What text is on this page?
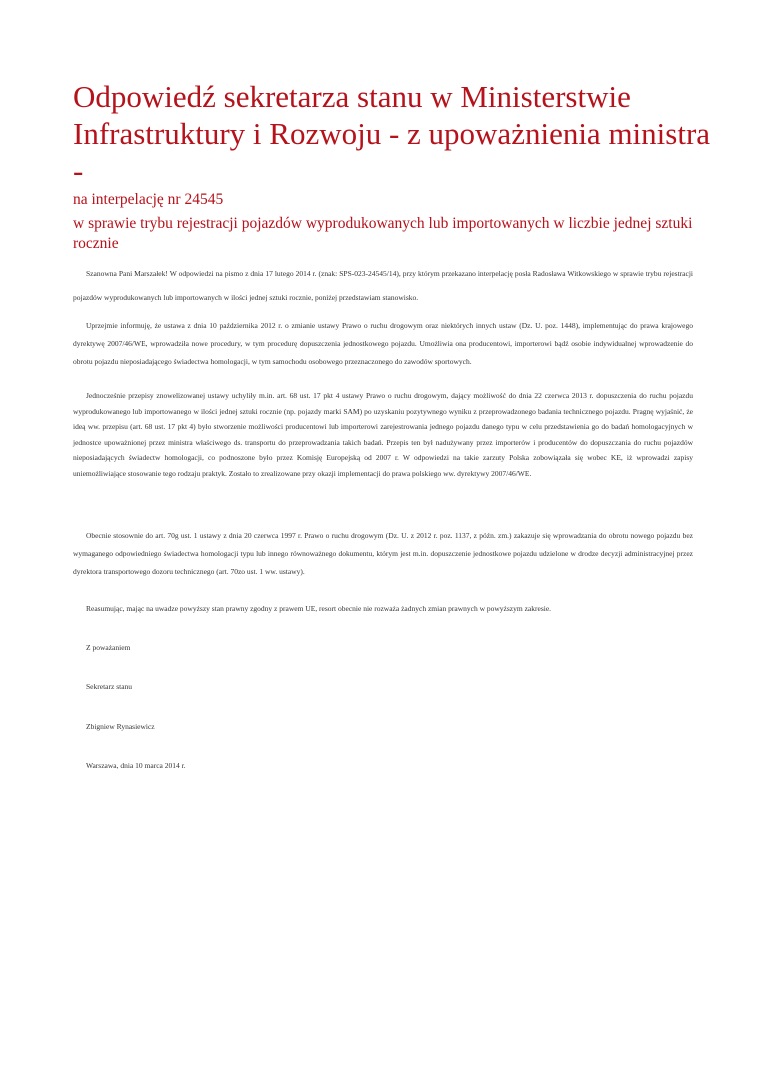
Odpowiedź sekretarza stanu w Ministerstwie Infrastruktury i Rozwoju - z upoważnienia ministra -
na interpelację nr 24545
w sprawie trybu rejestracji pojazdów wyprodukowanych lub importowanych w liczbie jednej sztuki rocznie

Szanowna Pani Marszałek! W odpowiedzi na pismo z dnia 17 lutego 2014 r. (znak: SPS-023-24545/14), przy którym przekazano interpelację posła Radosława Witkowskiego w sprawie trybu rejestracji pojazdów wyprodukowanych lub importowanych w ilości jednej sztuki rocznie, poniżej przedstawiam stanowisko.

Uprzejmie informuję, że ustawa z dnia 10 października 2012 r. o zmianie ustawy Prawo o ruchu drogowym oraz niektórych innych ustaw (Dz. U. poz. 1448), implementując do prawa krajowego dyrektywę 2007/46/WE, wprowadziła nowe procedury, w tym procedurę dopuszczenia jednostkowego pojazdu. Umożliwia ona producentowi, importerowi bądź osobie indywidualnej wprowadzenie do obrotu pojazdu nieposiadającego świadectwa homologacji, w tym samochodu osobowego przeznaczonego do zawodów sportowych.

Jednocześnie przepisy znowelizowanej ustawy uchyliły m.in. art. 68 ust. 17 pkt 4 ustawy Prawo o ruchu drogowym, dający możliwość do dnia 22 czerwca 2013 r. dopuszczenia do ruchu pojazdu wyprodukowanego lub importowanego w ilości jednej sztuki rocznie (np. pojazdy marki SAM) po uzyskaniu pozytywnego wyniku z przeprowadzonego badania technicznego pojazdu. Pragnę wyjaśnić, że ideą ww. przepisu (art. 68 ust. 17 pkt 4) było stworzenie możliwości producentowi lub importerowi zarejestrowania jednego pojazdu danego typu w celu przedstawienia go do badań homologacyjnych w jednostce upoważnionej przez ministra właściwego ds. transportu do przeprowadzania takich badań. Przepis ten był nadużywany przez importerów i producentów do dopuszczania do ruchu pojazdów nieposiadających świadectw homologacji, co podnoszone było przez Komisję Europejską od 2007 r. W odpowiedzi na takie zarzuty Polska zobowiązała się wobec KE, iż wprowadzi zapisy uniemożliwiające stosowanie tego rodzaju praktyk. Zostało to zrealizowane przy okazji implementacji do prawa polskiego ww. dyrektywy 2007/46/WE.

Obecnie stosownie do art. 70g ust. 1 ustawy z dnia 20 czerwca 1997 r. Prawo o ruchu drogowym (Dz. U. z 2012 r. poz. 1137, z późn. zm.) zakazuje się wprowadzania do obrotu nowego pojazdu bez wymaganego odpowiedniego świadectwa homologacji typu lub innego równoważnego dokumentu, którym jest m.in. dopuszczenie jednostkowe pojazdu udzielone w drodze decyzji administracyjnej przez dyrektora transportowego dozoru technicznego (art. 70zo ust. 1 ww. ustawy).

Reasumując, mając na uwadze powyższy stan prawny zgodny z prawem UE, resort obecnie nie rozważa żadnych zmian prawnych w powyższym zakresie.

Z poważaniem

Sekretarz stanu

Zbigniew Rynasiewicz

Warszawa, dnia 10 marca 2014 r.
